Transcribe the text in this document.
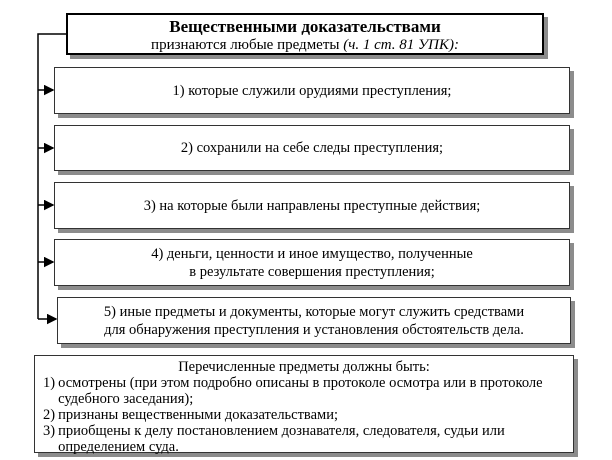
Вещественными доказательствами
признаются любые предметы (ч. 1 ст. 81 УПК):
1) которые служили орудиями преступления;
2) сохранили на себе следы преступления;
3) на которые были направлены преступные действия;
4) деньги, ценности и иное имущество, полученные
в результате совершения преступления;
5) иные предметы и документы, которые могут служить средствами
для обнаружения преступления и установления обстоятельств дела.
Перечисленные предметы должны быть:
1) осмотрены (при этом подробно описаны в протоколе осмотра или в протоколе судебного заседания);
2) признаны вещественными доказательствами;
3) приобщены к делу постановлением дознавателя, следователя, судьи или определением суда.
